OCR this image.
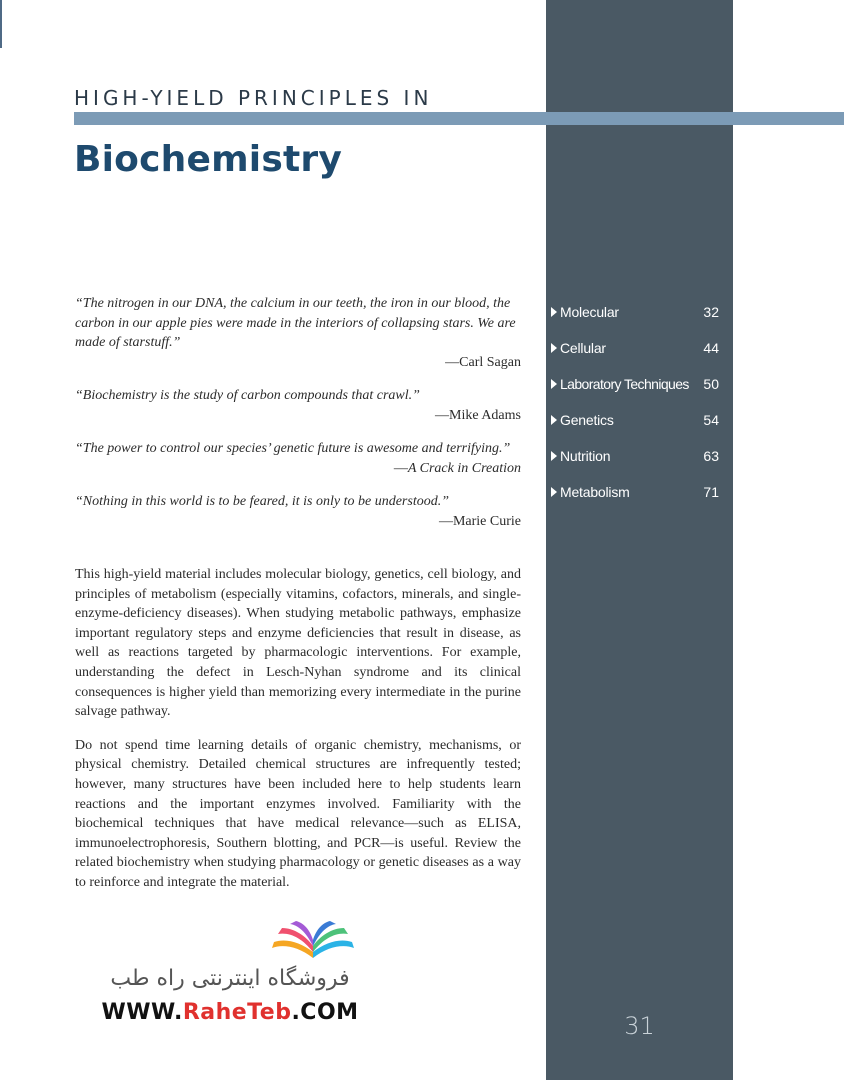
HIGH-YIELD PRINCIPLES IN
Biochemistry
“The nitrogen in our DNA, the calcium in our teeth, the iron in our blood, the carbon in our apple pies were made in the interiors of collapsing stars. We are made of starstuff.”
—Carl Sagan
“Biochemistry is the study of carbon compounds that crawl.”
—Mike Adams
“The power to control our species’ genetic future is awesome and terrifying.”
—A Crack in Creation
“Nothing in this world is to be feared, it is only to be understood.”
—Marie Curie

This high-yield material includes molecular biology, genetics, cell biology, and principles of metabolism (especially vitamins, cofactors, minerals, and single-enzyme-deficiency diseases). When studying metabolic pathways, emphasize important regulatory steps and enzyme deficiencies that result in disease, as well as reactions targeted by pharmacologic interventions. For example, understanding the defect in Lesch-Nyhan syndrome and its clinical consequences is higher yield than memorizing every intermediate in the purine salvage pathway.

Do not spend time learning details of organic chemistry, mechanisms, or physical chemistry. Detailed chemical structures are infrequently tested; however, many structures have been included here to help students learn reactions and the important enzymes involved. Familiarity with the biochemical techniques that have medical relevance—such as ELISA, immunoelectrophoresis, Southern blotting, and PCR—is useful. Review the related biochemistry when studying pharmacology or genetic diseases as a way to reinforce and integrate the material.

Molecular	32
Cellular	44
Laboratory Techniques	50
Genetics	54
Nutrition	63
Metabolism	71
31
فروشگاه اینترنتی راه طب
WWW.RaheTeb.COM
